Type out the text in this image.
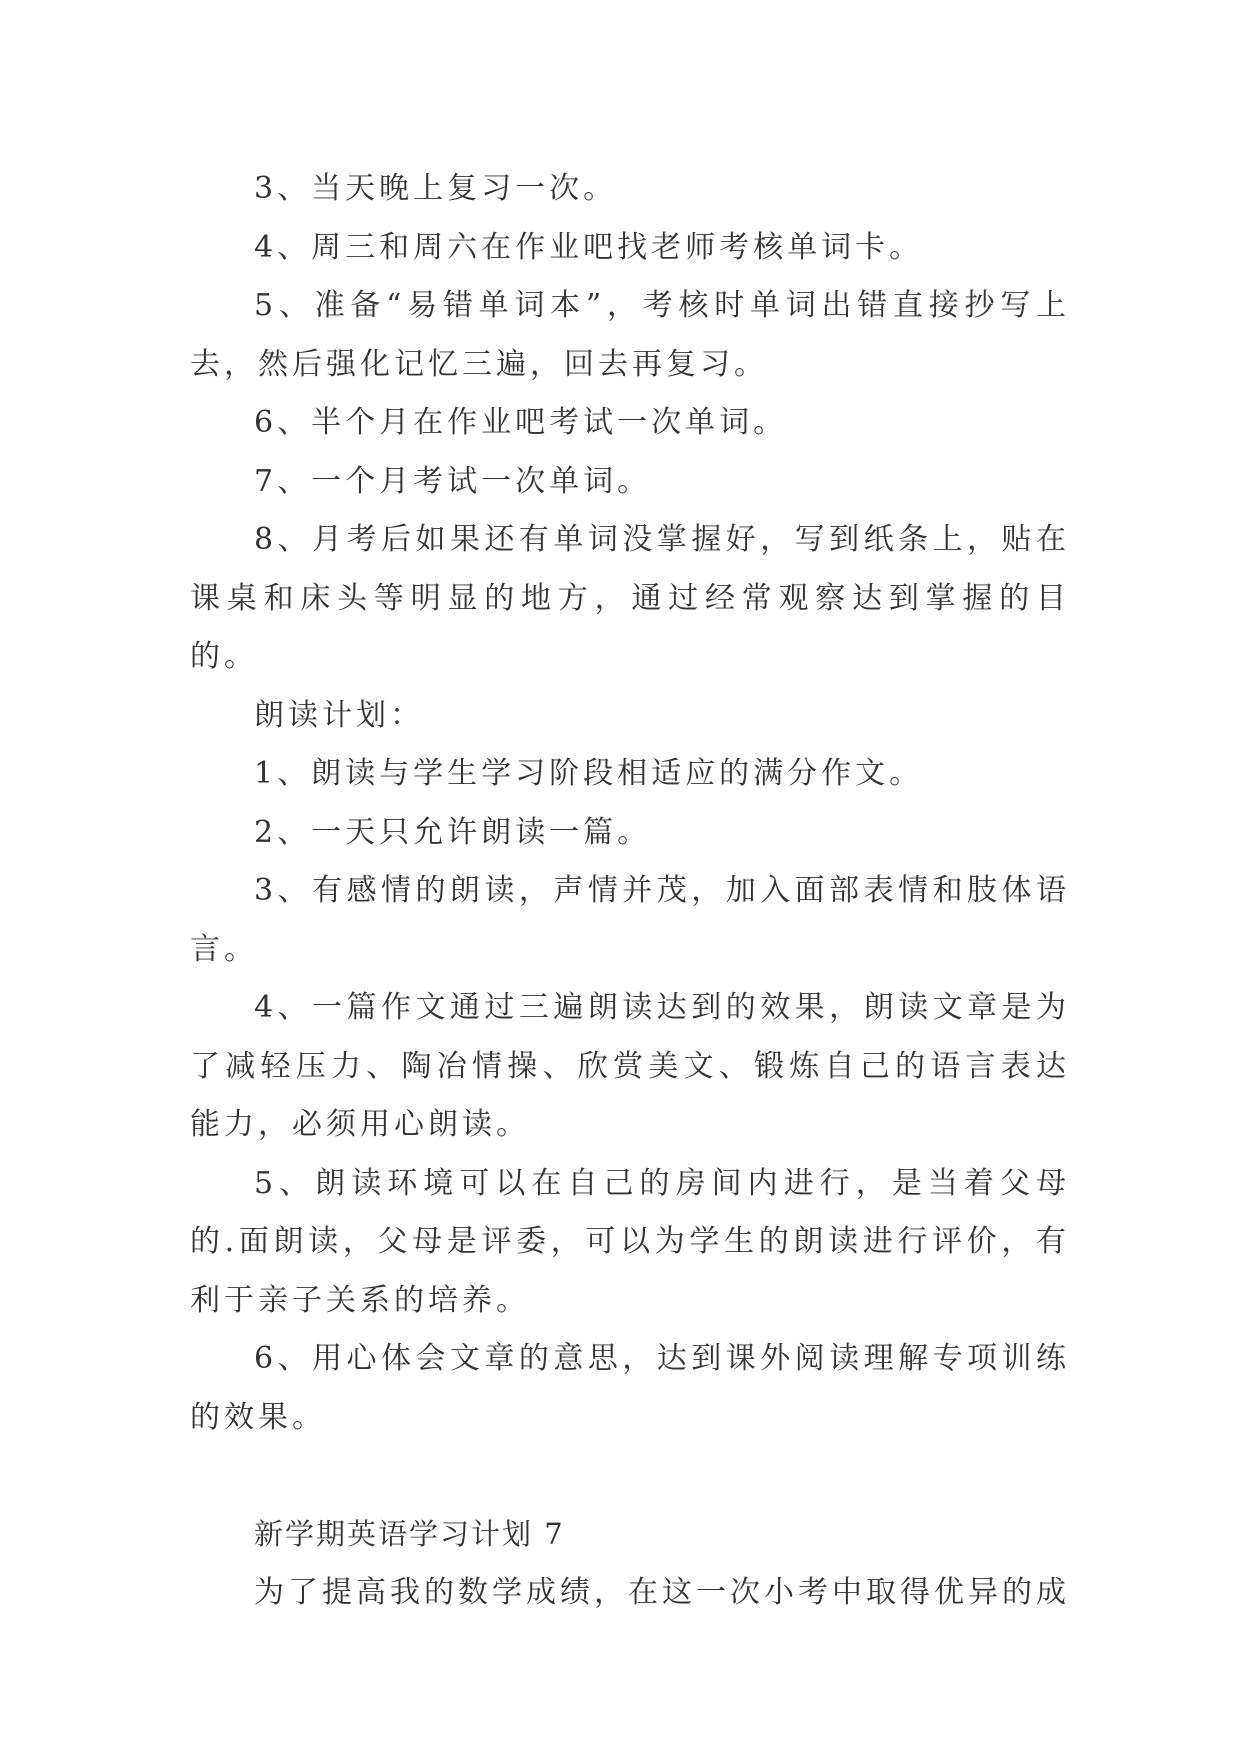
3、当天晚上复习一次。

4、周三和周六在作业吧找老师考核单词卡。

5、准备“易错单词本”，考核时单词出错直接抄写上去，然后强化记忆三遍，回去再复习。

6、半个月在作业吧考试一次单词。

7、一个月考试一次单词。

8、月考后如果还有单词没掌握好，写到纸条上，贴在课桌和床头等明显的地方，通过经常观察达到掌握的目的。

朗读计划：

1、朗读与学生学习阶段相适应的满分作文。

2、一天只允许朗读一篇。

3、有感情的朗读，声情并茂，加入面部表情和肢体语言。

4、一篇作文通过三遍朗读达到的效果，朗读文章是为了减轻压力、陶冶情操、欣赏美文、锻炼自己的语言表达能力，必须用心朗读。

5、朗读环境可以在自己的房间内进行，是当着父母的.面朗读，父母是评委，可以为学生的朗读进行评价，有利于亲子关系的培养。

6、用心体会文章的意思，达到课外阅读理解专项训练的效果。

新学期英语学习计划 7

为了提高我的数学成绩，在这一次小考中取得优异的成
